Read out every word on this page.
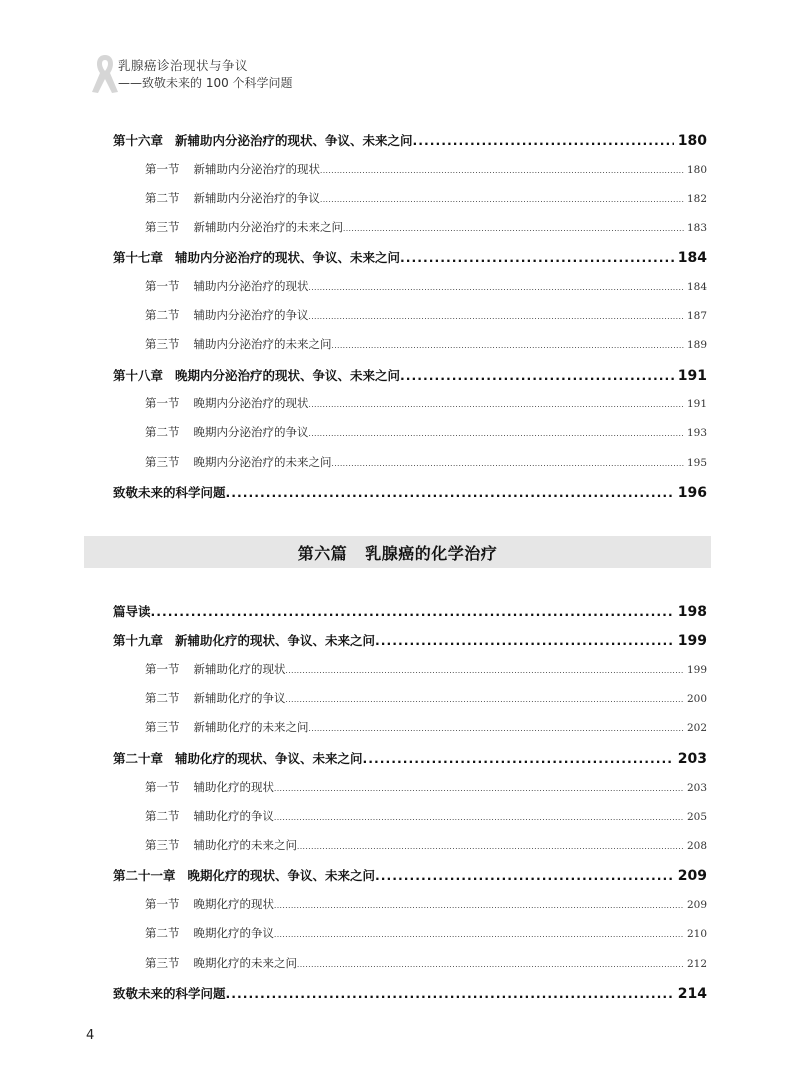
乳腺癌诊治现状与争议
——致敬未来的 100 个科学问题
第十六章 新辅助内分泌治疗的现状、争议、未来之问 .....	180
第一节 新辅助内分泌治疗的现状 .....	180
第二节 新辅助内分泌治疗的争议 .....	182
第三节 新辅助内分泌治疗的未来之问 .....	183
第十七章 辅助内分泌治疗的现状、争议、未来之问 .....	184
第一节 辅助内分泌治疗的现状 .....	184
第二节 辅助内分泌治疗的争议 .....	187
第三节 辅助内分泌治疗的未来之问 .....	189
第十八章 晚期内分泌治疗的现状、争议、未来之问 .....	191
第一节 晚期内分泌治疗的现状 .....	191
第二节 晚期内分泌治疗的争议 .....	193
第三节 晚期内分泌治疗的未来之问 .....	195
致敬未来的科学问题 .....	196
第六篇 乳腺癌的化学治疗
篇导读 .....	198
第十九章 新辅助化疗的现状、争议、未来之问 .....	199
第一节 新辅助化疗的现状 .....	199
第二节 新辅助化疗的争议 .....	200
第三节 新辅助化疗的未来之问 .....	202
第二十章 辅助化疗的现状、争议、未来之问 .....	203
第一节 辅助化疗的现状 .....	203
第二节 辅助化疗的争议 .....	205
第三节 辅助化疗的未来之问 .....	208
第二十一章 晚期化疗的现状、争议、未来之问 .....	209
第一节 晚期化疗的现状 .....	209
第二节 晚期化疗的争议 .....	210
第三节 晚期化疗的未来之问 .....	212
致敬未来的科学问题 .....	214
4
